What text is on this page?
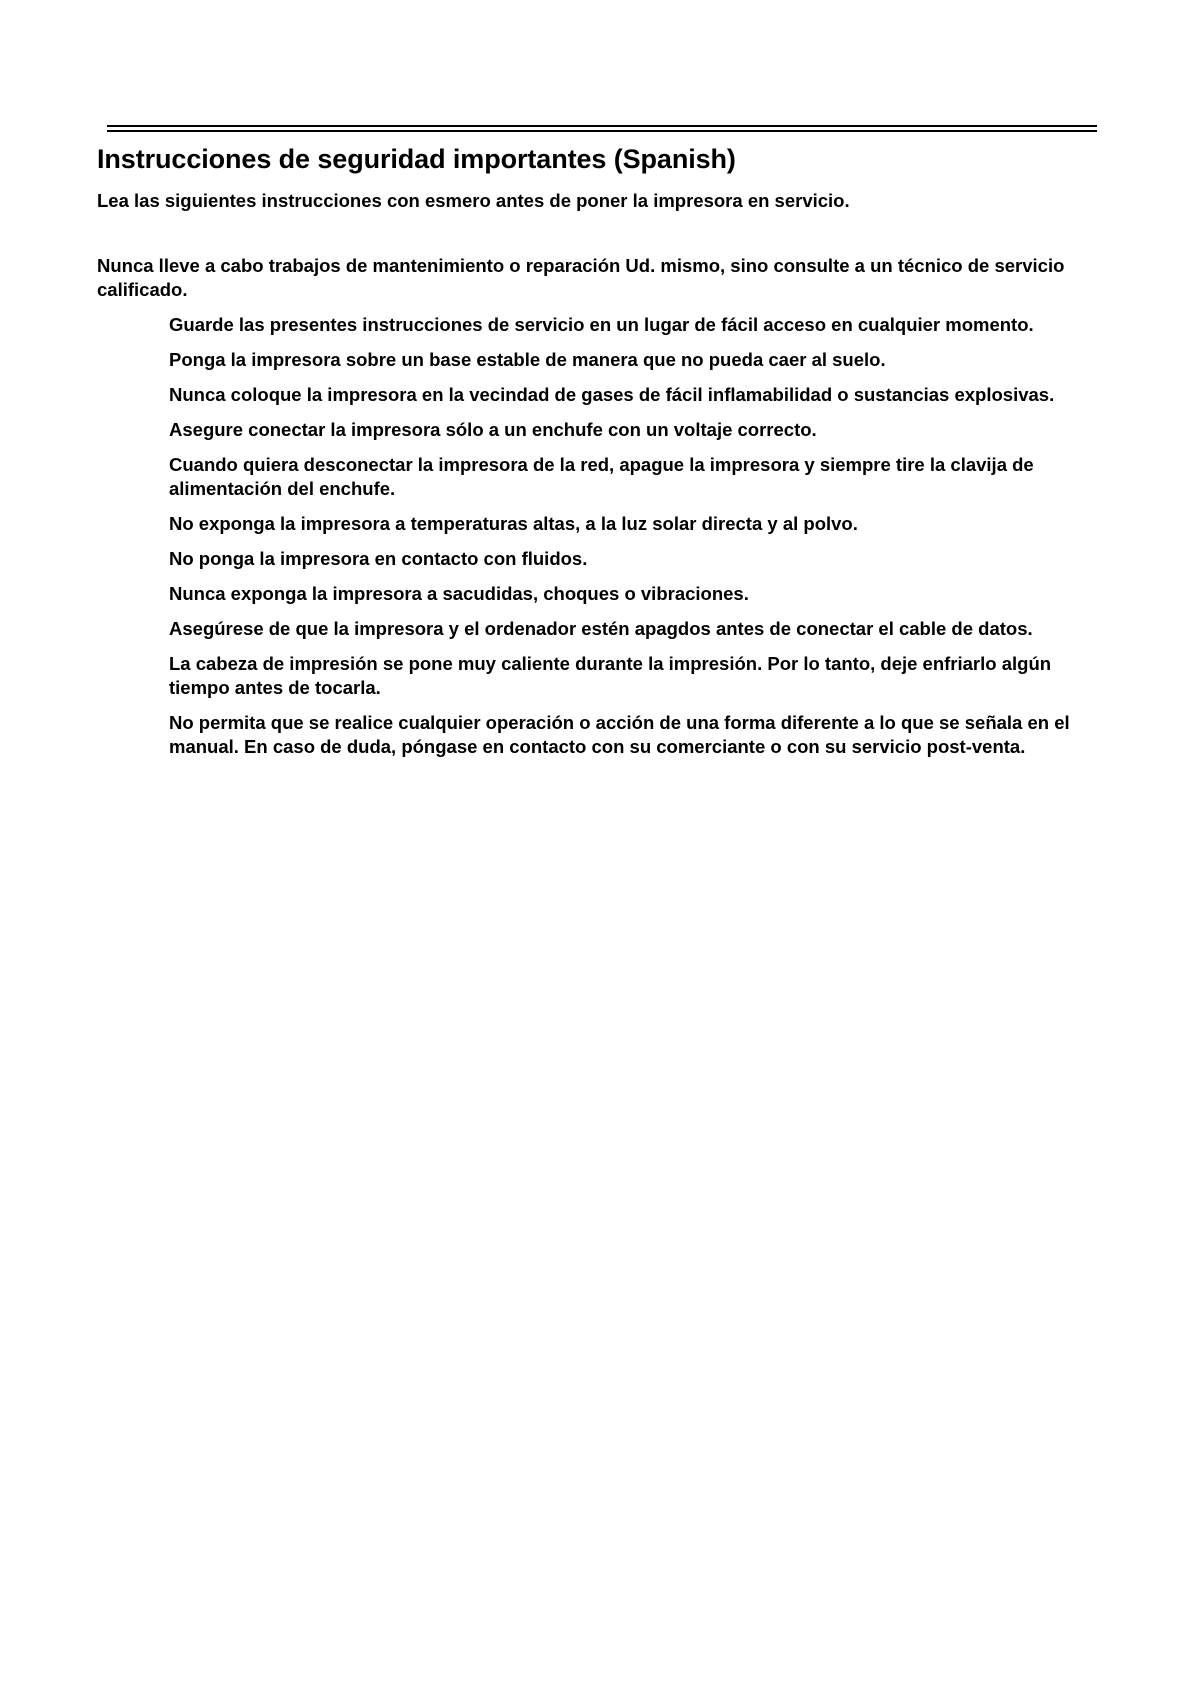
Instrucciones de seguridad importantes (Spanish)

Lea las siguientes instrucciones con esmero antes de poner la impresora en servicio.

Nunca lleve a cabo trabajos de mantenimiento o reparación Ud. mismo, sino consulte a un técnico de servicio calificado.

Guarde las presentes instrucciones de servicio en un lugar de fácil acceso en cualquier momento.
Ponga la impresora sobre un base estable de manera que no pueda caer al suelo.
Nunca coloque la impresora en la vecindad de gases de fácil inflamabilidad o sustancias explosivas.
Asegure conectar la impresora sólo a un enchufe con un voltaje correcto.
Cuando quiera desconectar la impresora de la red, apague la impresora y siempre tire la clavija de alimentación del enchufe.
No exponga la impresora a temperaturas altas, a la luz solar directa y al polvo.
No ponga la impresora en contacto con fluidos.
Nunca exponga la impresora a sacudidas, choques o vibraciones.
Asegúrese de que la impresora y el ordenador estén apagdos antes de conectar el cable de datos.
La cabeza de impresión se pone muy caliente durante la impresión. Por lo tanto, deje enfriarlo algún tiempo antes de tocarla.
No permita que se realice cualquier operación o acción de una forma diferente a lo que se señala en el manual. En caso de duda, póngase en contacto con su comerciante o con su servicio post-venta.
